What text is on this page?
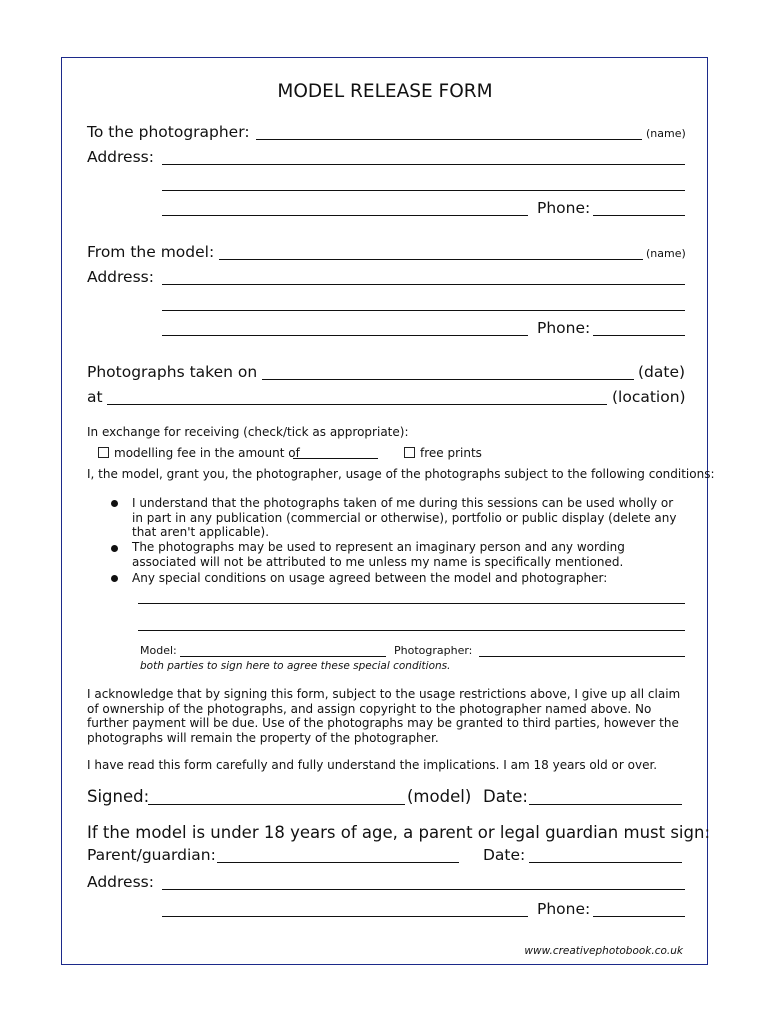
MODEL RELEASE FORM
To the photographer:	(name)
Address:
Phone:
From the model:	(name)
Address:
Phone:
Photographs taken on	(date)
at	(location)
In exchange for receiving (check/tick as appropriate):
modelling fee in the amount of	free prints
I, the model, grant you, the photographer, usage of the photographs subject to the following conditions:
I understand that the photographs taken of me during this sessions can be used wholly or in part in any publication (commercial or otherwise), portfolio or public display (delete any that aren't applicable).
The photographs may be used to represent an imaginary person and any wording associated will not be attributed to me unless my name is specifically mentioned.
Any special conditions on usage agreed between the model and photographer:
Model:	Photographer:
both parties to sign here to agree these special conditions.
I acknowledge that by signing this form, subject to the usage restrictions above, I give up all claim of ownership of the photographs, and assign copyright to the photographer named above. No further payment will be due. Use of the photographs may be granted to third parties, however the photographs will remain the property of the photographer.
I have read this form carefully and fully understand the implications. I am 18 years old or over.
Signed:	(model) Date:
If the model is under 18 years of age, a parent or legal guardian must sign:
Parent/guardian:	Date:
Address:
Phone:
www.creativephotobook.co.uk
